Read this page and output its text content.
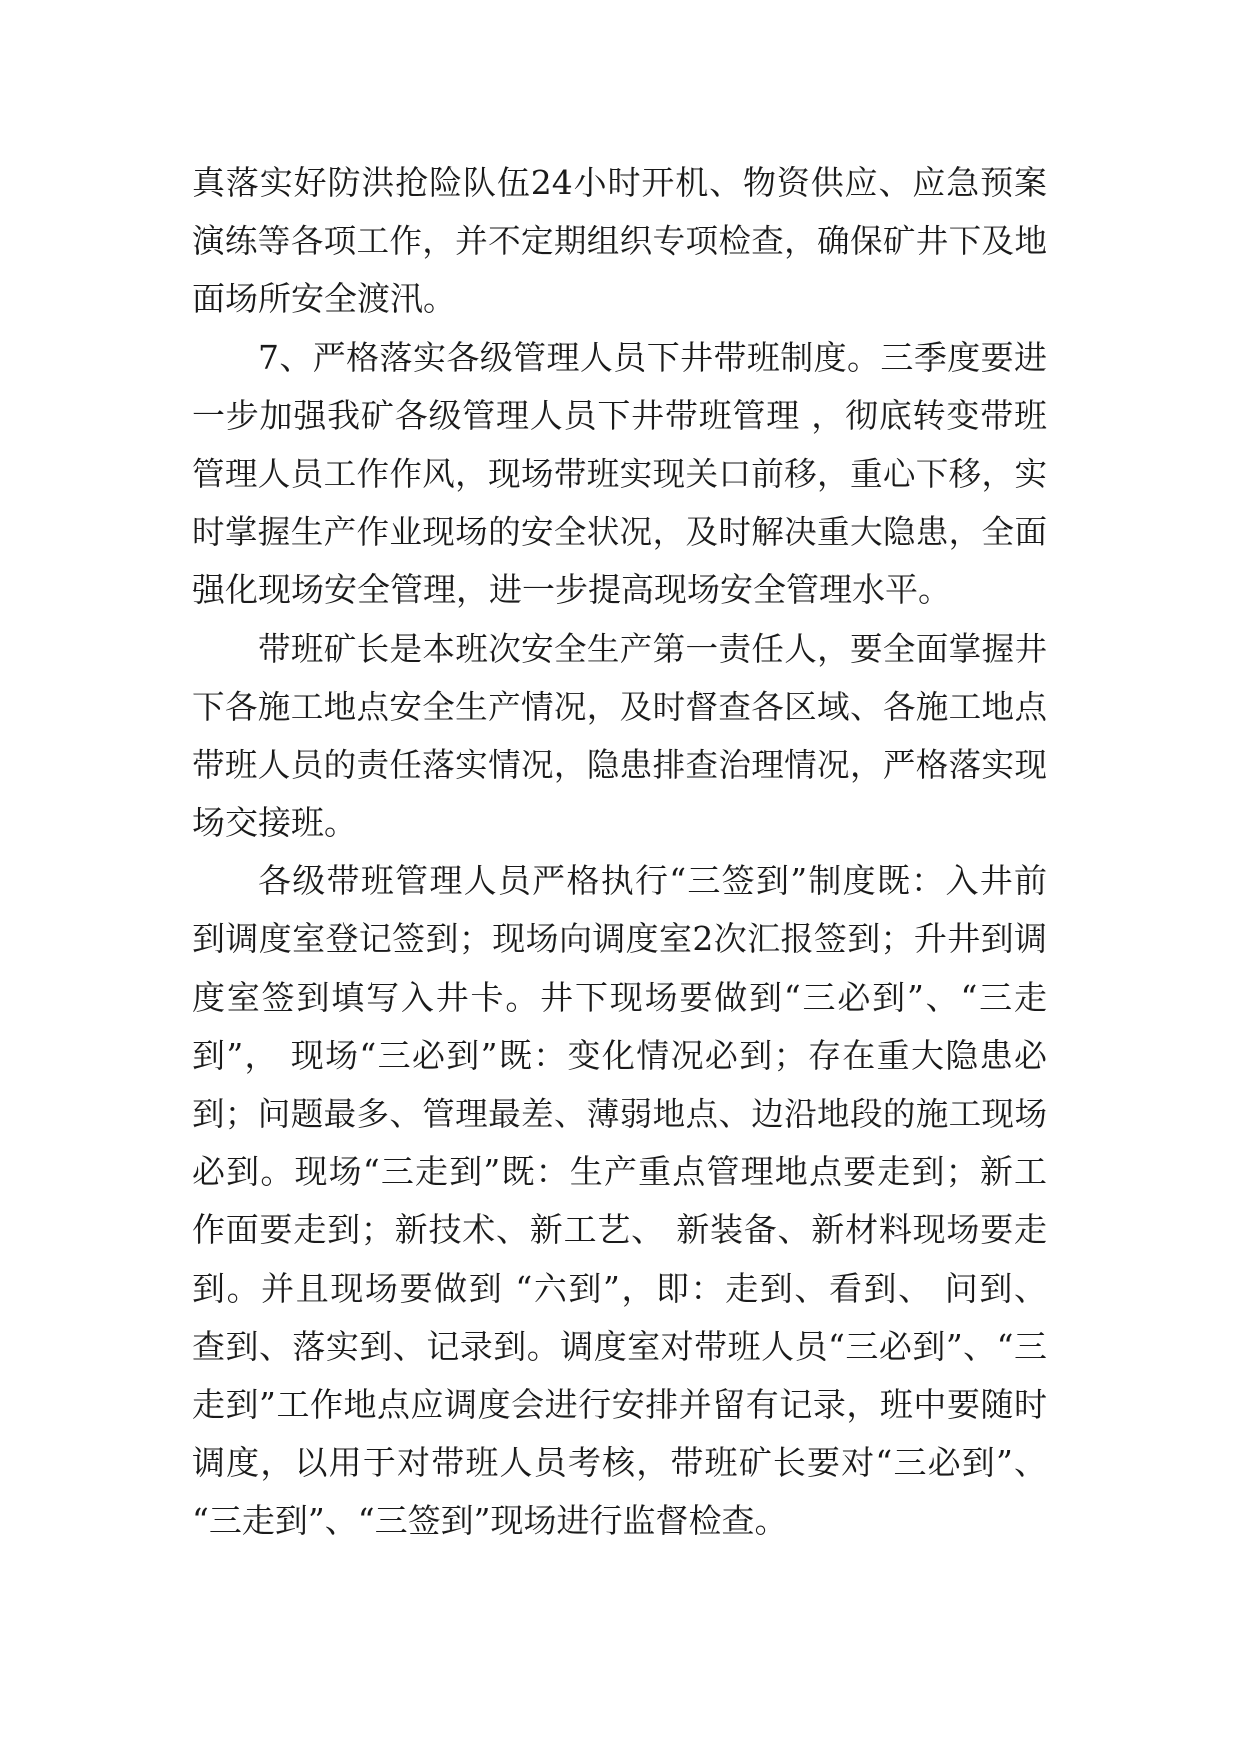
真落实好防洪抢险队伍24小时开机、物资供应、应急预案
演练等各项工作，并不定期组织专项检查，确保矿井下及地
面场所安全渡汛。
7、严格落实各级管理人员下井带班制度。三季度要进
一步加强我矿各级管理人员下井带班管理 ，彻底转变带班
管理人员工作作风，现场带班实现关口前移，重心下移，实
时掌握生产作业现场的安全状况，及时解决重大隐患，全面
强化现场安全管理，进一步提高现场安全管理水平。
带班矿长是本班次安全生产第一责任人，要全面掌握井
下各施工地点安全生产情况，及时督查各区域、各施工地点
带班人员的责任落实情况，隐患排查治理情况，严格落实现
场交接班。
各级带班管理人员严格执行“三签到”制度既：入井前
到调度室登记签到；现场向调度室2次汇报签到；升井到调
度室签到填写入井卡。井下现场要做到“三必到”、“三走
到”， 现场“三必到”既：变化情况必到；存在重大隐患必
到；问题最多、管理最差、薄弱地点、边沿地段的施工现场
必到。现场“三走到”既：生产重点管理地点要走到；新工
作面要走到；新技术、新工艺、 新装备、新材料现场要走
到。并且现场要做到 “六到”，即：走到、看到、 问到、
查到、落实到、记录到。调度室对带班人员“三必到”、“三
走到”工作地点应调度会进行安排并留有记录，班中要随时
调度，以用于对带班人员考核，带班矿长要对“三必到”、
“三走到”、“三签到”现场进行监督检查。
